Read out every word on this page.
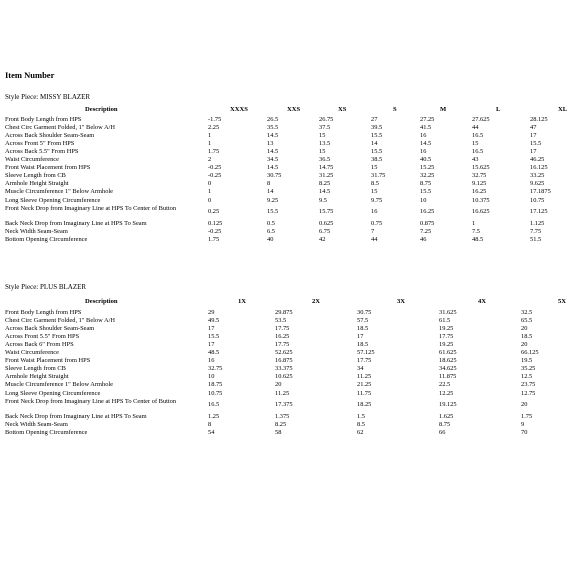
Item Number
Style Piece: MISSY BLAZER
Description	XXXS	XXS	XS	S	M	L	XL
Front Body Length from HPS	-1.75	26.5	26.75	27	27.25	27.625	28.125
Chest Circ Garment Folded, 1" Below A/H	2.25	35.5	37.5	39.5	41.5	44	47
Across Back Shoulder Seam-Seam	1	14.5	15	15.5	16	16.5	17
Across Front 5" From HPS	1	13	13.5	14	14.5	15	15.5
Across Back 5.5" From HPS	1.75	14.5	15	15.5	16	16.5	17
Waist Circumference	2	34.5	36.5	38.5	40.5	43	46.25
Front Waist Placement from HPS	-0.25	14.5	14.75	15	15.25	15.625	16.125
Sleeve Length from CB	-0.25	30.75	31.25	31.75	32.25	32.75	33.25
Armhole Height Straight	0	8	8.25	8.5	8.75	9.125	9.625
Muscle Circumference 1" Below Armhole	1	14	14.5	15	15.5	16.25	17.1875
Long Sleeve Opening Circumference	0	9.25	9.5	9.75	10	10.375	10.75
Front Neck Drop from Imaginary Line at HPS To Center of Button	0.25	15.5	15.75	16	16.25	16.625	17.125
Back Neck Drop from Imaginary Line at HPS To Seam	0.125	0.5	0.625	0.75	0.875	1	1.125
Neck Width Seam-Seam	-0.25	6.5	6.75	7	7.25	7.5	7.75
Bottom Opening Circumference	1.75	40	42	44	46	48.5	51.5
Style Piece: PLUS BLAZER
Description	1X	2X	3X	4X	5X
Front Body Length from HPS	29	29.875	30.75	31.625	32.5
Chest Circ Garment Folded, 1" Below A/H	49.5	53.5	57.5	61.5	65.5
Across Back Shoulder Seam-Seam	17	17.75	18.5	19.25	20
Across Front 5.5" From HPS	15.5	16.25	17	17.75	18.5
Across Back 6" From HPS	17	17.75	18.5	19.25	20
Waist Circumference	48.5	52.625	57.125	61.625	66.125
Front Waist Placement from HPS	16	16.875	17.75	18.625	19.5
Sleeve Length from CB	32.75	33.375	34	34.625	35.25
Armhole Height Straight	10	10.625	11.25	11.875	12.5
Muscle Circumference 1" Below Armhole	18.75	20	21.25	22.5	23.75
Long Sleeve Opening Circumference	10.75	11.25	11.75	12.25	12.75
Front Neck Drop from Imaginary Line at HPS To Center of Button	16.5	17.375	18.25	19.125	20
Back Neck Drop from Imaginary Line at HPS To Seam	1.25	1.375	1.5	1.625	1.75
Neck Width Seam-Seam	8	8.25	8.5	8.75	9
Bottom Opening Circumference	54	58	62	66	70
